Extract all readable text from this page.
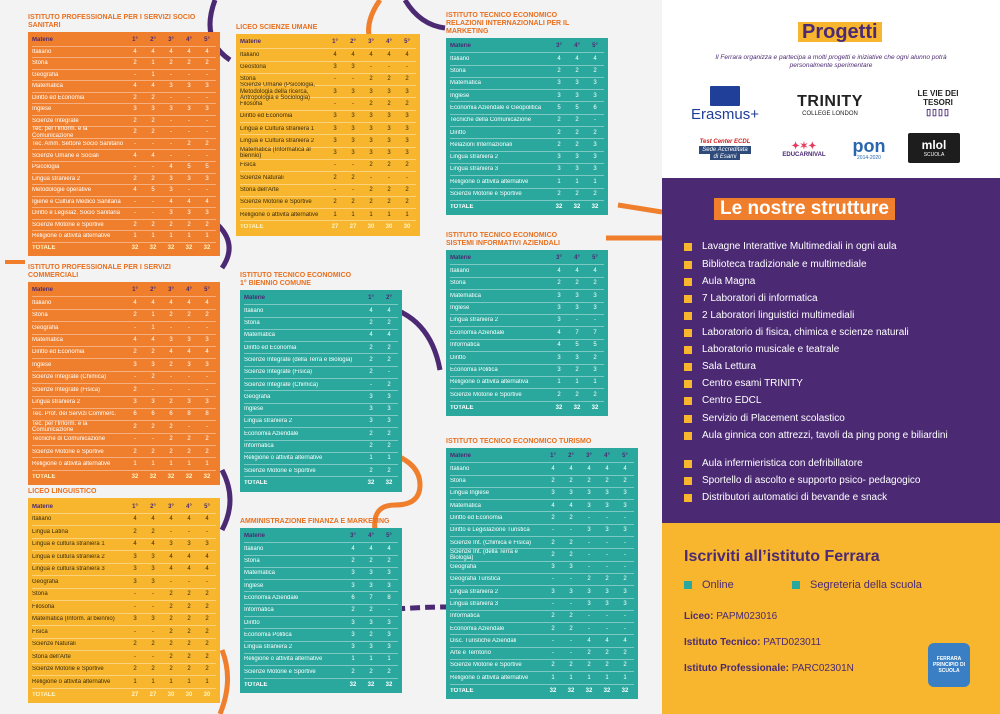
ISTITUTO PROFESSIONALE PER I SERVIZI SOCIO SANITARI
Materie	1°	2°	3°	4°	5°
Italiano	4	4	4	4	4
Storia	2	1	2	2	2
Geografia	-	1	-	-	-
Matematica	4	4	3	3	3
Diritto ed Economia	2	2	-	-	-
Inglese	3	3	3	3	3
Scienze Integrate	2	2	-	-	-
Tec. per l'Inform. e la Comunicazione
2	2	-	-	-
Tec. Amm. Settore Socio Sanitario	-	-	-	2	2
Scienze Umane e Sociali	4	4	-	-	-
Psicologia	-	-	4	5	5
Lingua straniera 2	2	2	3	3	3
Metodologie operative	4	5	3	-	-
Igiene e Cultura Medico Sanitaria	-	-	4	4	4
Diritto e Legislaz. Socio Sanitaria	-	-	3	3	3
Scienze Motorie e Sportive	2	2	2	2	2
Religione o attività alternative	1	1	1	1	1
TOTALE	32	32	32	32	32
ISTITUTO PROFESSIONALE PER I SERVIZI COMMERCIALI
Materie	1°	2°	3°	4°	5°
Italiano	4	4	4	4	4
Storia	2	1	2	2	2
Geografia	-	1	-	-	-
Matematica	4	4	3	3	3
Diritto ed Economia	2	2	4	4	4
Inglese	3	3	2	3	3
Scienze Integrate (Chimica)	-	2	-	-	-
Scienze Integrate (Fisica)	2	-	-	-	-
Lingua straniera 2	3	3	2	3	3
Tec. Prof. dei Servizi Commerc.	6	6	6	8	8
Tec. per l'Inform. e la Comunicazione
2	2	2	-	-
Tecniche di Comunicazione	-	-	2	2	2
Scienze Motorie e Sportive	2	2	2	2	2
Religione o attività alternative	1	1	1	1	1
TOTALE	32	32	32	32	32
LICEO LINGUISTICO
Materie	1°	2°	3°	4°	5°
Italiano	4	4	4	4	4
Lingua Latina	2	2	-	-	-
Lingua e cultura straniera 1	4	4	3	3	3
Lingua e cultura straniera 2	3	3	4	4	4
Lingua e cultura straniera 3	3	3	4	4	4
Geografia	3	3	-	-	-
Storia	-	-	2	2	2
Filosofia	-	-	2	2	2
Matematica (Inform. al biennio)	3	3	2	2	2
Fisica	-	-	2	2	2
Scienze Naturali	2	2	2	2	2
Storia dell'Arte	-	-	2	2	2
Scienze Motorie e Sportive	2	2	2	2	2
Religione o attività alternative	1	1	1	1	1
TOTALE	27	27	30	30	30
LICEO SCIENZE UMANE
Materie	1°	2°	3°	4°	5°
Italiano	4	4	4	4	4
Geostoria	3	3	-	-	-
Storia	-	-	2	2	2
Scienze Umane (Psicologia, Metodologia della ricerca, Antropologia e Sociologia)
3	3	3	3	3
Filosofia	-	-	2	2	2
Diritto ed Economia	3	3	3	3	3
Lingua e Cultura straniera 1	3	3	3	3	3
Lingua e Cultura straniera 2	3	3	3	3	3
Matematica (Informatica al biennio)
3	3	3	3	3
Fisica	-	-	2	2	2
Scienze Naturali	2	2	-	-	-
Storia dell'Arte	-	-	2	2	2
Scienze Motorie e Sportive	2	2	2	2	2
Religione o attività alternative	1	1	1	1	1
TOTALE	27	27	30	30	30
ISTITUTO TECNICO ECONOMICO
1° BIENNIO COMUNE
Materie	1°	2°
Italiano	4	4
Storia	2	2
Matematica	4	4
Diritto ed Economia	2	2
Scienze Integrate (della Terra e Biologia)	2	2
Scienze Integrate (Fisica)	2	-
Scienze Integrate (Chimica)	-	2
Geografia	3	3
Inglese	3	3
Lingua straniera 2	3	3
Economia Aziendale	2	2
Informatica	2	2
Religione o attività alternative	1	1
Scienze Motorie e Sportive	2	2
TOTALE	32	32
AMMINISTRAZIONE FINANZA E MARKETING
Materie	3°	4°	5°
Italiano	4	4	4
Storia	2	2	2
Matematica	3	3	3
Inglese	3	3	3
Economia Aziendale	6	7	8
Informatica	2	2	-
Diritto	3	3	3
Economia Politica	3	2	3
Lingua straniera 2	3	3	3
Religione o attività alternative	1	1	1
Scienze Motorie e Sportive	2	2	2
TOTALE	32	32	32
ISTITUTO TECNICO ECONOMICO
RELAZIONI INTERNAZIONALI PER IL MARKETING
Materie	3°	4°	5°
Italiano	4	4	4
Storia	2	2	2
Matematica	3	3	3
Inglese	3	3	3
Economia Aziendale e Geopolitica	5	5	6
Tecniche della Comunicazione	2	2	-
Diritto	2	2	2
Relazioni Internazionali	2	2	3
Lingua straniera 2	3	3	3
Lingua straniera 3	3	3	3
Religione o attività alternative	1	1	1
Scienze Motorie e Sportive	2	2	2
TOTALE	32	32	32
ISTITUTO TECNICO ECONOMICO
SISTEMI INFORMATIVI AZIENDALI
Materie	3°	4°	5°
Italiano	4	4	4
Storia	2	2	2
Matematica	3	3	3
Inglese	3	3	3
Lingua straniera 2	3	-	-
Economia Aziendale	4	7	7
Informatica	4	5	5
Diritto	3	3	2
Economia Politica	3	2	3
Religione o attività alternativa	1	1	1
Scienze Motorie e Sportive	2	2	2
TOTALE	32	32	32
ISTITUTO TECNICO ECONOMICO TURISMO
Materie	1°	2°	3°	4°	5°
Italiano	4	4	4	4	4
Storia	2	2	2	2	2
Lingua Inglese	3	3	3	3	3
Matematica	4	4	3	3	3
Diritto ed Economia	2	2	-	-	-
Diritto e Legislazione Turistica	-	-	3	3	3
Scienze Int. (Chimica e Fisica)	2	2	-	-	-
Scienze Int. (della Terra e Biologia)
2	2	-	-	-
Geografia	3	3	-	-	-
Geografia Turistica	-	-	2	2	2
Lingua straniera 2	3	3	3	3	3
Lingua straniera 3	-	-	3	3	3
Informatica	2	2	-	-	-
Economia Aziendale	2	2	-	-	-
Disc. Turistiche Aziendali	-	-	4	4	4
Arte e Territorio	-	-	2	2	2
Scienze Motorie e Sportive	2	2	2	2	2
Religione o attività alternative	1	1	1	1	1
TOTALE	32	32	32	32	32
Progetti
Il Ferrara organizza e partecipa a molti progetti e iniziative che ogni alunno potrà personalmente sperimentare
Erasmus+
TRINITY
COLLEGE LONDON
LE VIE DEI
TESORI
▯▯▯▯
Test Center ECDL
Sede Accreditata
di Esami
✦✶✦
EDUCARNIVAL pon
2014-2020
mlol
SCUOLA
Le nostre strutture
Lavagne Interattive Multimediali in ogni aula
Biblioteca tradizionale e multimediale
Aula Magna
7 Laboratori di informatica
2 Laboratori linguistici multimediali
Laboratorio di fisica, chimica e scienze naturali
Laboratorio musicale e teatrale
Sala Lettura
Centro esami TRINITY
Centro EDCL
Servizio di Placement scolastico
Aula ginnica con attrezzi, tavoli da ping pong e biliardini
Aula infermieristica con defribillatore
Sportello di ascolto e supporto psico- pedagogico
Distributori automatici di bevande e snack
Iscriviti all’istituto Ferrara
Online	Segreteria della scuola
Liceo: PAPM023016
Istituto Tecnico: PATD023011
Istituto Professionale: PARC02301N
FERRARA
PRINCIPIO DI
SCUOLA
